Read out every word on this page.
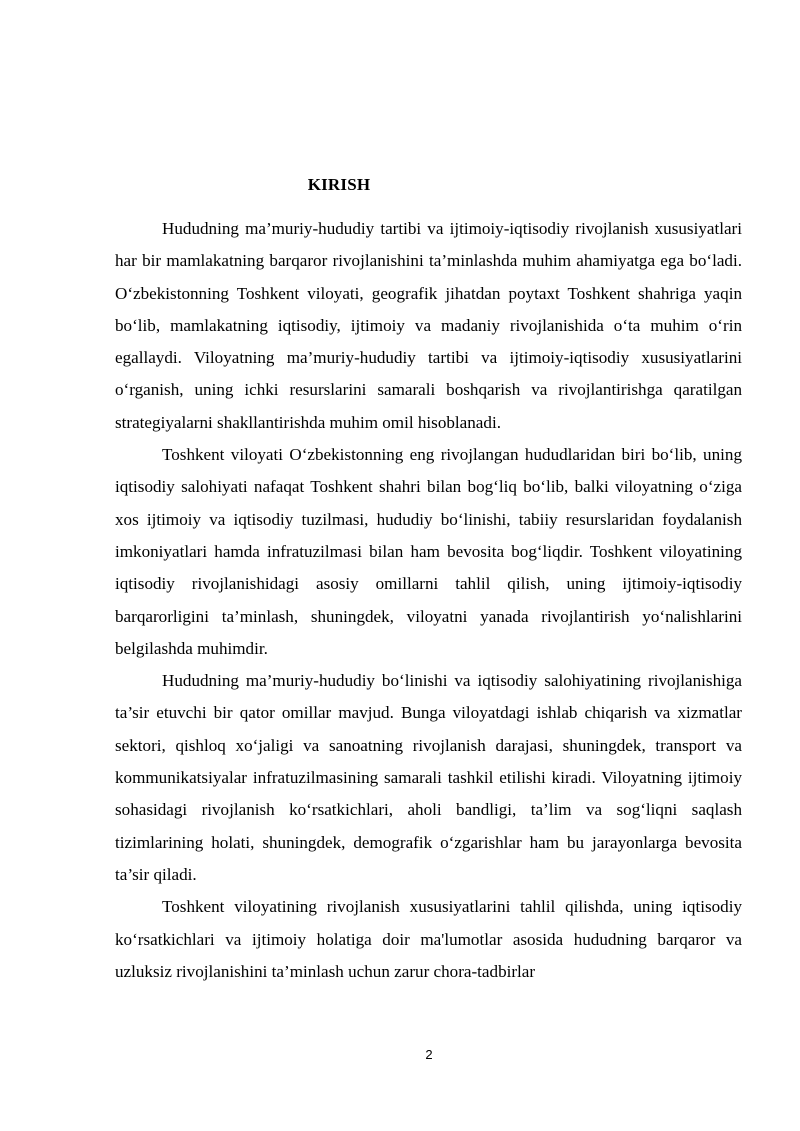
KIRISH

Hududning ma’muriy-hududiy tartibi va ijtimoiy-iqtisodiy rivojlanish xususiyatlari har bir mamlakatning barqaror rivojlanishini ta’minlashda muhim ahamiyatga ega bo‘ladi. O‘zbekistonning Toshkent viloyati, geografik jihatdan poytaxt Toshkent shahriga yaqin bo‘lib, mamlakatning iqtisodiy, ijtimoiy va madaniy rivojlanishida o‘ta muhim o‘rin egallaydi. Viloyatning ma’muriy-hududiy tartibi va ijtimoiy-iqtisodiy xususiyatlarini o‘rganish, uning ichki resurslarini samarali boshqarish va rivojlantirishga qaratilgan strategiyalarni shakllantirishda muhim omil hisoblanadi.

Toshkent viloyati O‘zbekistonning eng rivojlangan hududlaridan biri bo‘lib, uning iqtisodiy salohiyati nafaqat Toshkent shahri bilan bog‘liq bo‘lib, balki viloyatning o‘ziga xos ijtimoiy va iqtisodiy tuzilmasi, hududiy bo‘linishi, tabiiy resurslaridan foydalanish imkoniyatlari hamda infratuzilmasi bilan ham bevosita bog‘liqdir. Toshkent viloyatining iqtisodiy rivojlanishidagi asosiy omillarni tahlil qilish, uning ijtimoiy-iqtisodiy barqarorligini ta’minlash, shuningdek, viloyatni yanada rivojlantirish yo‘nalishlarini belgilashda muhimdir.

Hududning ma’muriy-hududiy bo‘linishi va iqtisodiy salohiyatining rivojlanishiga ta’sir etuvchi bir qator omillar mavjud. Bunga viloyatdagi ishlab chiqarish va xizmatlar sektori, qishloq xo‘jaligi va sanoatning rivojlanish darajasi, shuningdek, transport va kommunikatsiyalar infratuzilmasining samarali tashkil etilishi kiradi. Viloyatning ijtimoiy sohasidagi rivojlanish ko‘rsatkichlari, aholi bandligi, ta’lim va sog‘liqni saqlash tizimlarining holati, shuningdek, demografik o‘zgarishlar ham bu jarayonlarga bevosita ta’sir qiladi.

Toshkent viloyatining rivojlanish xususiyatlarini tahlil qilishda, uning iqtisodiy ko‘rsatkichlari va ijtimoiy holatiga doir ma'lumotlar asosida hududning barqaror va uzluksiz rivojlanishini ta’minlash uchun zarur chora-tadbirlar

2
